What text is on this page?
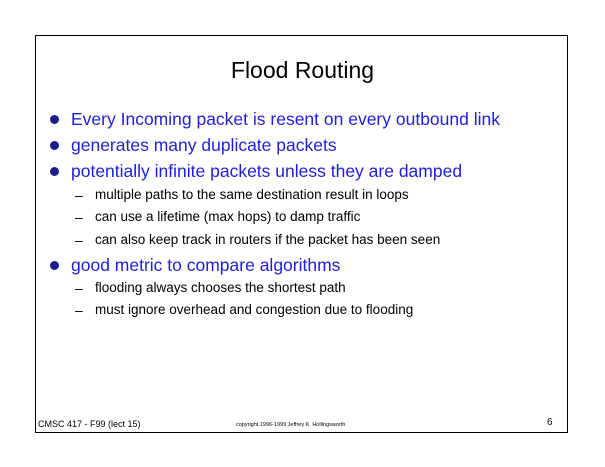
Flood Routing
Every Incoming packet is resent on every outbound link
generates many duplicate packets
potentially infinite packets unless they are damped
– multiple paths to the same destination result in loops
– can use a lifetime (max hops) to damp traffic
– can also keep track in routers if the packet has been seen
good metric to compare algorithms
– flooding always chooses the shortest path
– must ignore overhead and congestion due to flooding
CMSC 417 - F99 (lect 15)	copyright 1996-1999 Jeffrey K. Hollingsworth	6
